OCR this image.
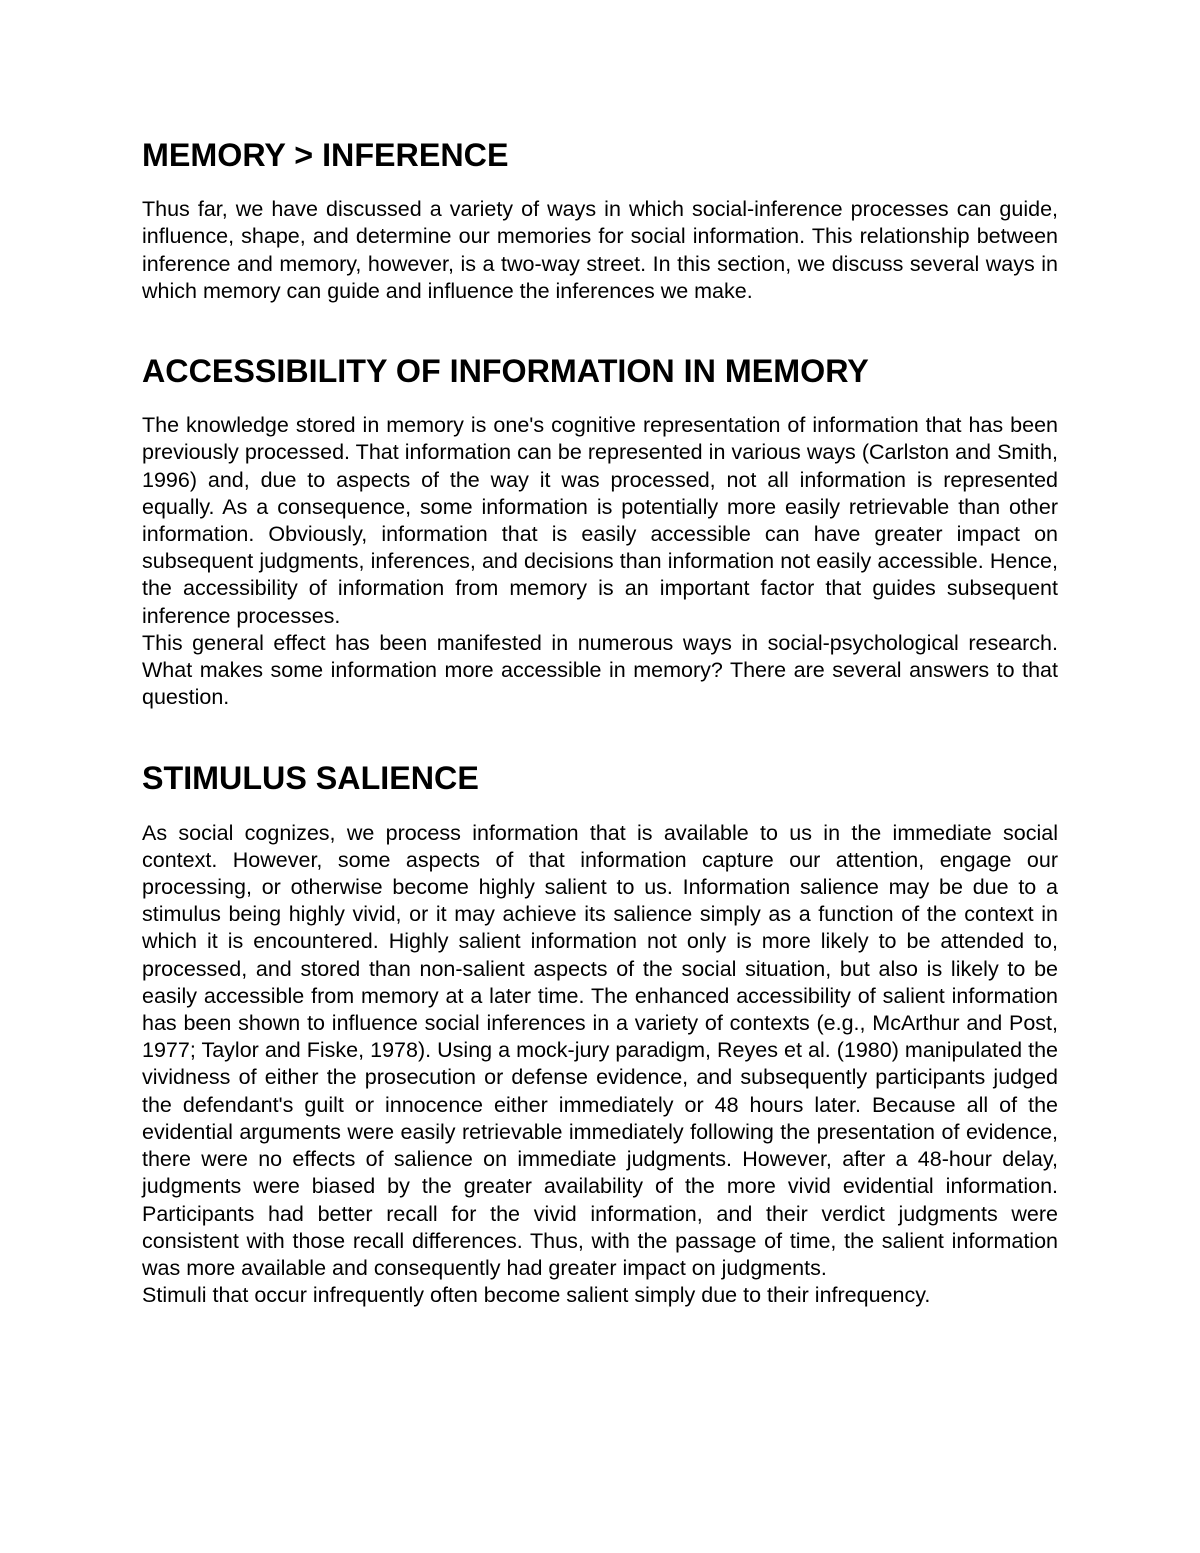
MEMORY > INFERENCE

Thus far, we have discussed a variety of ways in which social-inference processes can guide, influence, shape, and determine our memories for social information. This relationship between inference and memory, however, is a two-way street. In this section, we discuss several ways in which memory can guide and influence the inferences we make.

ACCESSIBILITY OF INFORMATION IN MEMORY

The knowledge stored in memory is one's cognitive representation of information that has been previously processed. That information can be represented in various ways (Carlston and Smith, 1996) and, due to aspects of the way it was processed, not all information is represented equally. As a consequence, some information is potentially more easily retrievable than other information. Obviously, information that is easily accessible can have greater impact on subsequent judgments, inferences, and decisions than information not easily accessible. Hence, the accessibility of information from memory is an important factor that guides subsequent inference processes.

This general effect has been manifested in numerous ways in social-psychological research. What makes some information more accessible in memory? There are several answers to that question.

STIMULUS SALIENCE

As social cognizes, we process information that is available to us in the immediate social context. However, some aspects of that information capture our attention, engage our processing, or otherwise become highly salient to us. Information salience may be due to a stimulus being highly vivid, or it may achieve its salience simply as a function of the context in which it is encountered. Highly salient information not only is more likely to be attended to, processed, and stored than non-salient aspects of the social situation, but also is likely to be easily accessible from memory at a later time. The enhanced accessibility of salient information has been shown to influence social inferences in a variety of contexts (e.g., McArthur and Post, 1977; Taylor and Fiske, 1978). Using a mock-jury paradigm, Reyes et al. (1980) manipulated the vividness of either the prosecution or defense evidence, and subsequently participants judged the defendant's guilt or innocence either immediately or 48 hours later. Because all of the evidential arguments were easily retrievable immediately following the presentation of evidence, there were no effects of salience on immediate judgments. However, after a 48-hour delay, judgments were biased by the greater availability of the more vivid evidential information. Participants had better recall for the vivid information, and their verdict judgments were consistent with those recall differences. Thus, with the passage of time, the salient information was more available and consequently had greater impact on judgments.

Stimuli that occur infrequently often become salient simply due to their infrequency.
